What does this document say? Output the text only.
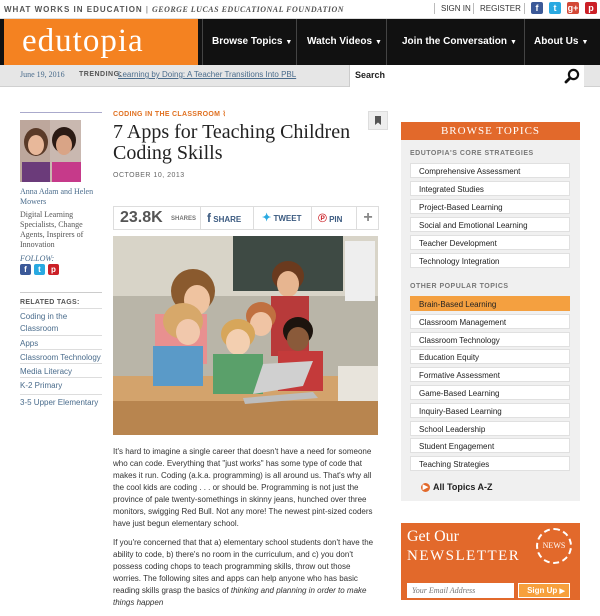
WHAT WORKS IN EDUCATION | GEORGE LUCAS EDUCATIONAL FOUNDATION	SIGN IN REGISTER	f	t	g+	p
edutopia	Browse Topics ▼ Watch Videos ▼ Join the Conversation ▼ About Us ▼
June 19, 2016 TRENDING:
Learning by Doing: A Teacher Transitions Into PBL	Search
Anna Adam and Helen Mowers
Digital Learning Specialists, Change Agents, Inspirers of Innovation
FOLLOW:
f	t	p
RELATED TAGS:
Coding in the Classroom
Apps
Classroom Technology
Media Literacy
K-2 Primary
3-5 Upper Elementary
CODING IN THE CLASSROOM ⌇
7 Apps for Teaching Children Coding Skills
OCTOBER 10, 2013
23.8K SHARES f SHARE	✦ TWEET	℗ PIN	+

It's hard to imagine a single career that doesn't have a need for someone who can code. Everything that "just works" has some type of code that makes it run. Coding (a.k.a. programming) is all around us. That's why all the cool kids are coding . . . or should be. Programming is not just the province of pale twenty-somethings in skinny jeans, hunched over three monitors, swigging Red Bull. Not any more! The newest pint-sized coders have just begun elementary school.

If you're concerned that that a) elementary school students don't have the ability to code, b) there's no room in the curriculum, and c) you don't possess coding chops to teach programming skills, throw out those worries. The following sites and apps can help anyone who has basic reading skills grasp the basics of thinking and planning in order to make things happen

BROWSE TOPICS
EDUTOPIA'S CORE STRATEGIES
Comprehensive Assessment
Integrated Studies
Project-Based Learning
Social and Emotional Learning
Teacher Development
Technology Integration
OTHER POPULAR TOPICS
Brain-Based Learning
Classroom Management
Classroom Technology
Education Equity
Formative Assessment
Game-Based Learning
Inquiry-Based Learning
School Leadership
Student Engagement
Teaching Strategies
▶ All Topics A-Z
Get Our
NEWSLETTER
NEWS
Your Email Address
Sign Up ▶
